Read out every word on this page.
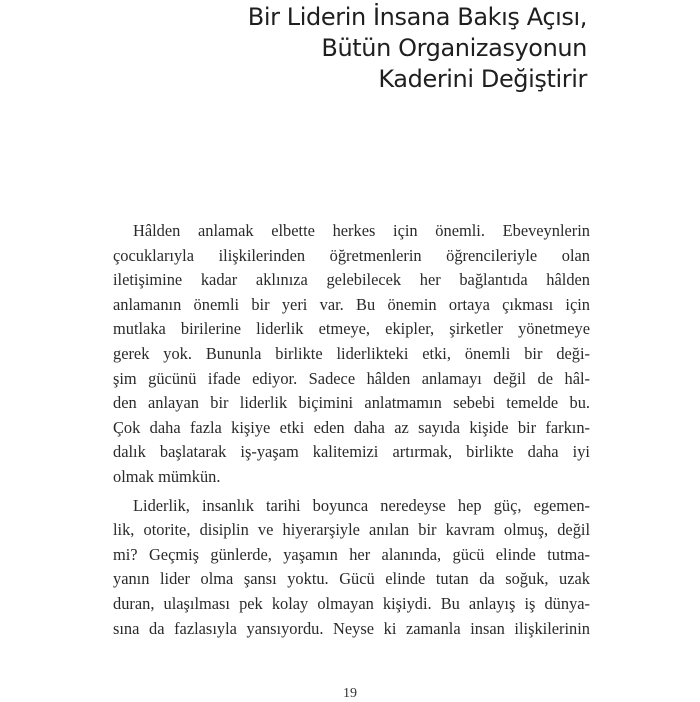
Bir Liderin İnsana Bakış Açısı,
Bütün Organizasyonun
Kaderini Değiştirir
Hâlden anlamak elbette herkes için önemli. Ebeveynlerin
çocuklarıyla ilişkilerinden öğretmenlerin öğrencileriyle olan
iletişimine kadar aklınıza gelebilecek her bağlantıda hâlden
anlamanın önemli bir yeri var. Bu önemin ortaya çıkması için
mutlaka birilerine liderlik etmeye, ekipler, şirketler yönetmeye
gerek yok. Bununla birlikte liderlikteki etki, önemli bir deği-
şim gücünü ifade ediyor. Sadece hâlden anlamayı değil de hâl-
den anlayan bir liderlik biçimini anlatmamın sebebi temelde bu.
Çok daha fazla kişiye etki eden daha az sayıda kişide bir farkın-
dalık başlatarak iş-yaşam kalitemizi artırmak, birlikte daha iyi
olmak mümkün.
Liderlik, insanlık tarihi boyunca neredeyse hep güç, egemen-
lik, otorite, disiplin ve hiyerarşiyle anılan bir kavram olmuş, değil
mi? Geçmiş günlerde, yaşamın her alanında, gücü elinde tutma-
yanın lider olma şansı yoktu. Gücü elinde tutan da soğuk, uzak
duran, ulaşılması pek kolay olmayan kişiydi. Bu anlayış iş dünya-
sına da fazlasıyla yansıyordu. Neyse ki zamanla insan ilişkilerinin
19
